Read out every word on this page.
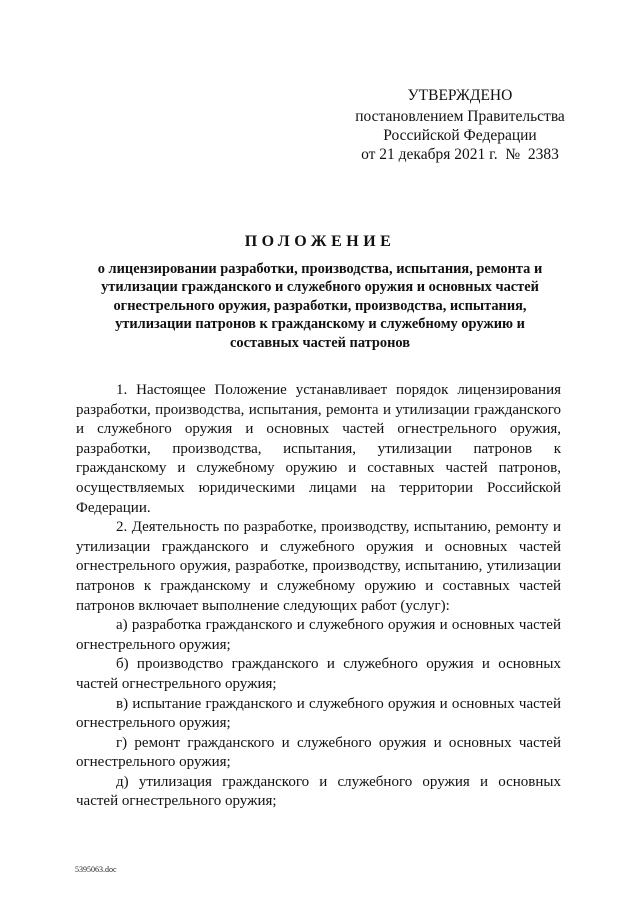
УТВЕРЖДЕНО
постановлением Правительства
Российской Федерации
от 21 декабря 2021 г.  №  2383
ПОЛОЖЕНИЕ
о лицензировании разработки, производства, испытания, ремонта и
утилизации гражданского и служебного оружия и основных частей
огнестрельного оружия, разработки, производства, испытания,
утилизации патронов к гражданскому и служебному оружию и
составных частей патронов

1. Настоящее Положение устанавливает порядок лицензирования разработки, производства, испытания, ремонта и утилизации гражданского и служебного оружия и основных частей огнестрельного оружия, разработки, производства, испытания, утилизации патронов к гражданскому и служебному оружию и составных частей патронов, осуществляемых юридическими лицами на территории Российской Федерации.

2. Деятельность по разработке, производству, испытанию, ремонту и утилизации гражданского и служебного оружия и основных частей огнестрельного оружия, разработке, производству, испытанию, утилизации патронов к гражданскому и служебному оружию и составных частей патронов включает выполнение следующих работ (услуг):

а) разработка гражданского и служебного оружия и основных частей огнестрельного оружия;

б) производство гражданского и служебного оружия и основных частей огнестрельного оружия;

в) испытание гражданского и служебного оружия и основных частей огнестрельного оружия;

г) ремонт гражданского и служебного оружия и основных частей огнестрельного оружия;

д) утилизация гражданского и служебного оружия и основных частей огнестрельного оружия;

5395063.doc
